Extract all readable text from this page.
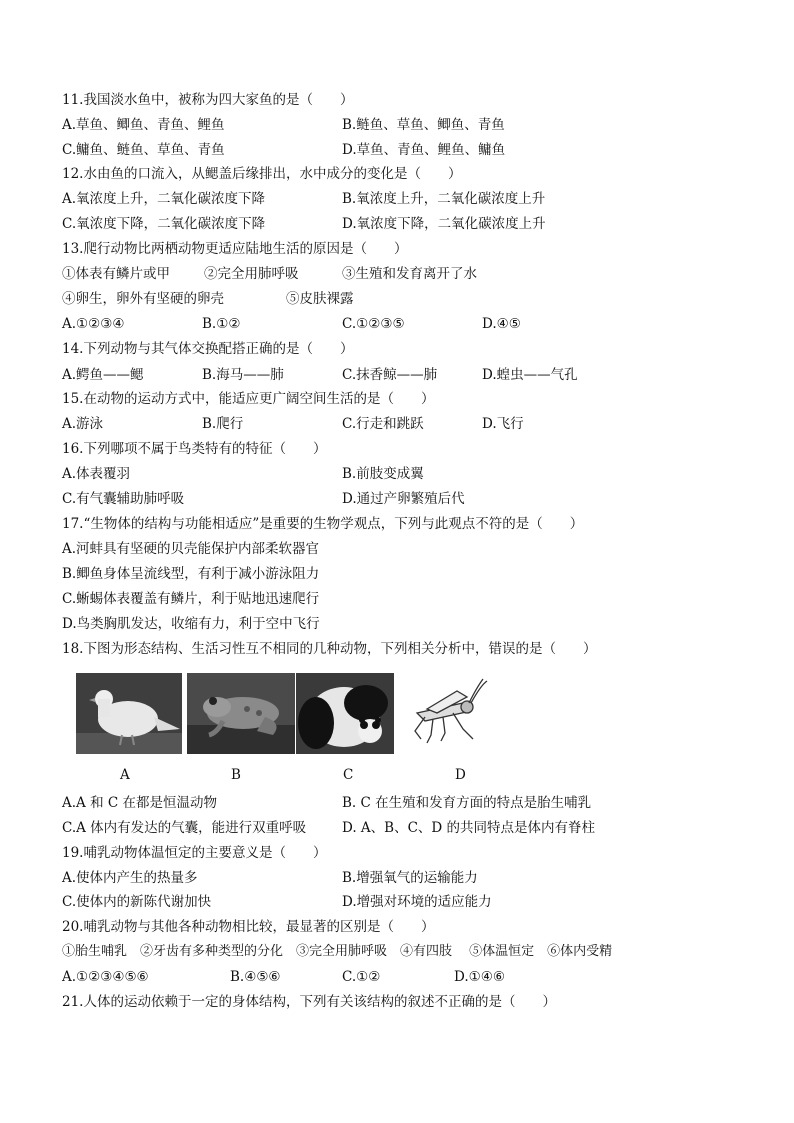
11.我国淡水鱼中，被称为四大家鱼的是（　　）
A.草鱼、鲫鱼、青鱼、鲤鱼	B.鲢鱼、草鱼、鲫鱼、青鱼
C.鳙鱼、鲢鱼、草鱼、青鱼	D.草鱼、青鱼、鲤鱼、鳙鱼
12.水由鱼的口流入，从鳃盖后缘排出，水中成分的变化是（　　）
A.氧浓度上升，二氧化碳浓度下降	B.氧浓度上升，二氧化碳浓度上升
C.氧浓度下降，二氧化碳浓度下降	D.氧浓度下降，二氧化碳浓度上升
13.爬行动物比两栖动物更适应陆地生活的原因是（　　）
①体表有鳞片或甲	②完全用肺呼吸	③生殖和发育离开了水
④卵生，卵外有坚硬的卵壳	⑤皮肤裸露
A.①②③④	B.①②	C.①②③⑤	D.④⑤
14.下列动物与其气体交换配搭正确的是（　　）
A.鳄鱼——鳃	B.海马——肺	C.抹香鲸——肺	D.蝗虫——气孔
15.在动物的运动方式中，能适应更广阔空间生活的是（　　）
A.游泳	B.爬行	C.行走和跳跃	D.飞行
16.下列哪项不属于鸟类特有的特征（　　）
A.体表覆羽	B.前肢变成翼
C.有气囊辅助肺呼吸	D.通过产卵繁殖后代
17.“生物体的结构与功能相适应”是重要的生物学观点，下列与此观点不符的是（　　）
A.河蚌具有坚硬的贝壳能保护内部柔软器官
B.鲫鱼身体呈流线型，有利于减小游泳阻力
C.蜥蜴体表覆盖有鳞片，利于贴地迅速爬行
D.鸟类胸肌发达，收缩有力，利于空中飞行
18.下图为形态结构、生活习性互不相同的几种动物，下列相关分析中，错误的是（　　）
A	B	C	D
A.A 和 C 在都是恒温动物	B. C 在生殖和发育方面的特点是胎生哺乳
C.A 体内有发达的气囊，能进行双重呼吸	D. A、B、C、D 的共同特点是体内有脊柱
19.哺乳动物体温恒定的主要意义是（　　）
A.使体内产生的热量多	B.增强氧气的运输能力
C.使体内的新陈代谢加快	D.增强对环境的适应能力
20.哺乳动物与其他各种动物相比较，最显著的区别是（　　）
①胎生哺乳　②牙齿有多种类型的分化　③完全用肺呼吸　④有四肢　 ⑤体温恒定　⑥体内受精
A.①②③④⑤⑥	B.④⑤⑥	C.①②	D.①④⑥
21.人体的运动依赖于一定的身体结构，下列有关该结构的叙述不正确的是（　　）
